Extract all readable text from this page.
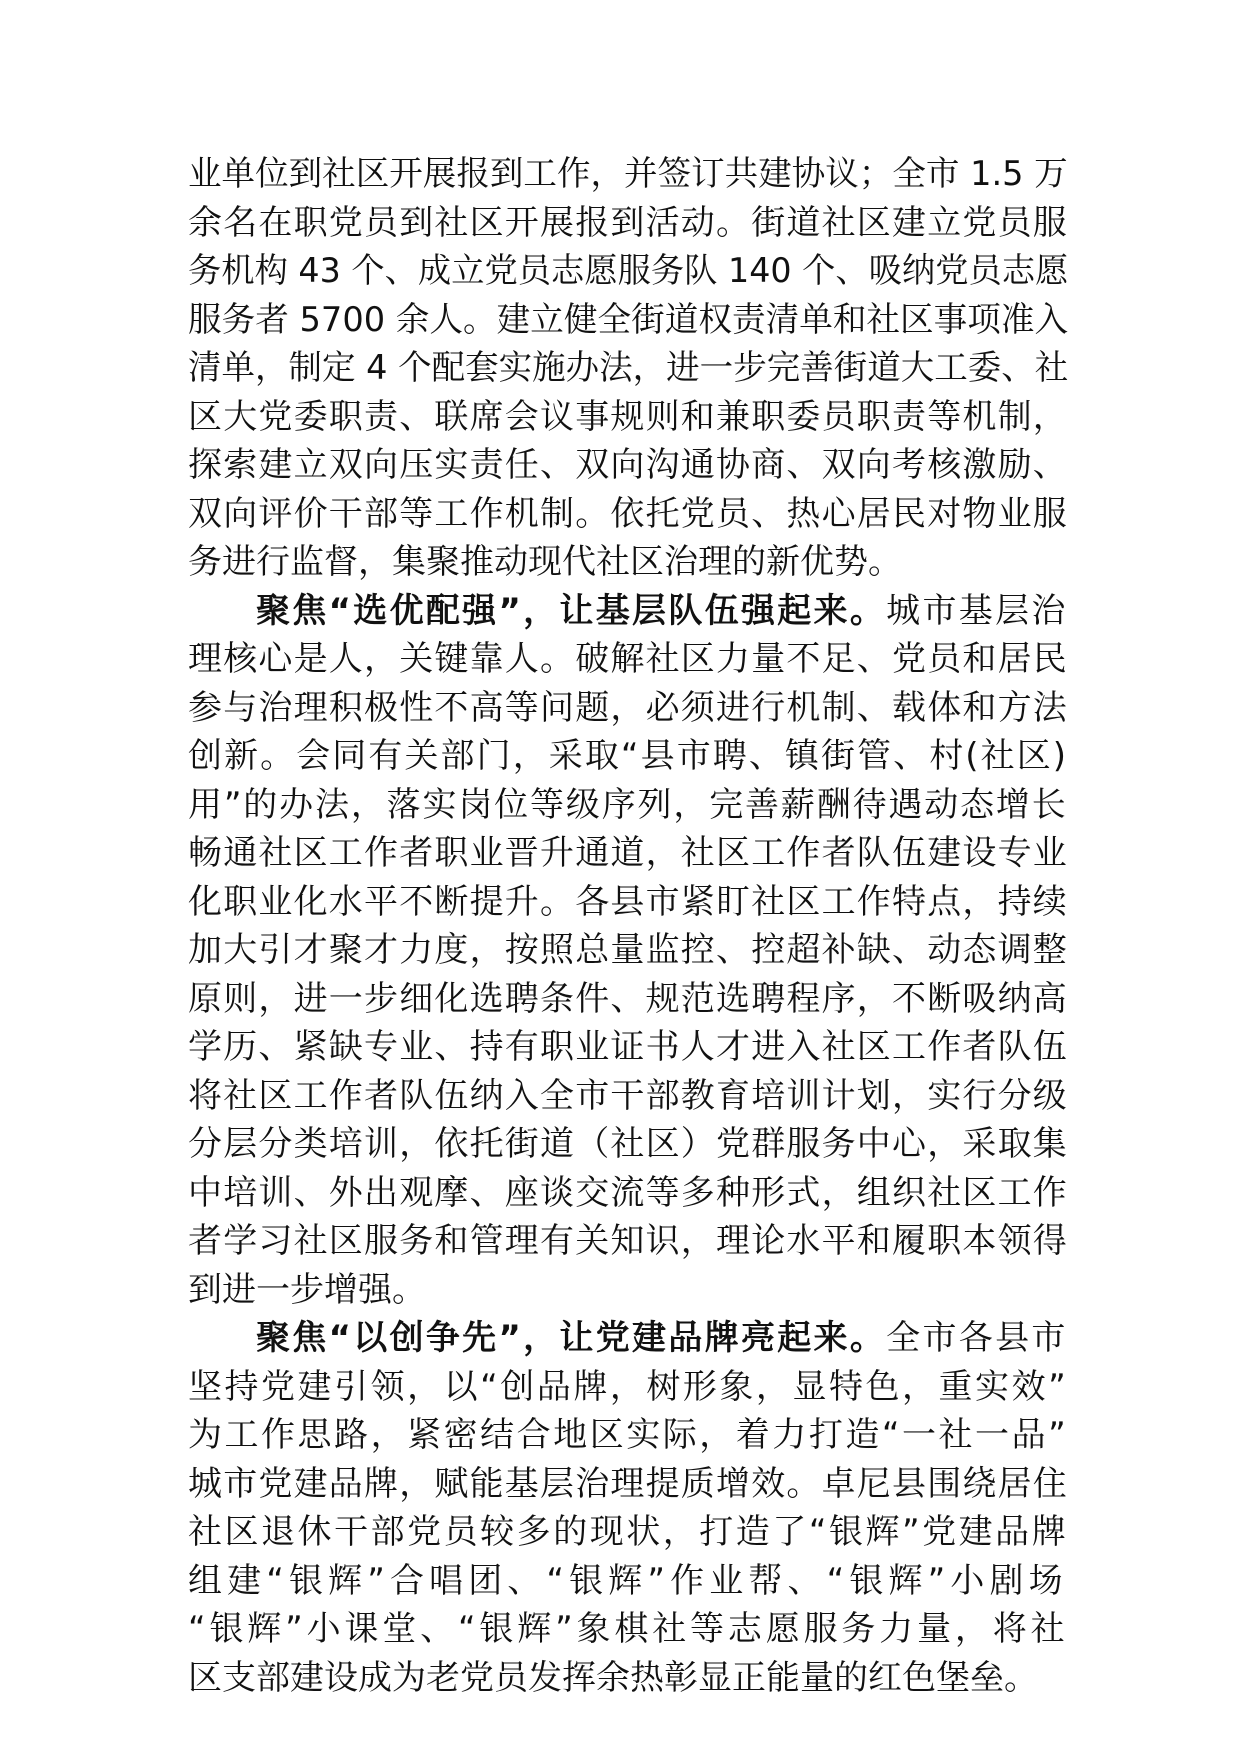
业单位到社区开展报到工作，并签订共建协议；全市 1.5 万
余名在职党员到社区开展报到活动。街道社区建立党员服
务机构 43 个、成立党员志愿服务队 140 个、吸纳党员志愿
服务者 5700 余人。建立健全街道权责清单和社区事项准入
清单，制定 4 个配套实施办法，进一步完善街道大工委、社
区大党委职责、联席会议事规则和兼职委员职责等机制，
探索建立双向压实责任、双向沟通协商、双向考核激励、
双向评价干部等工作机制。依托党员、热心居民对物业服
务进行监督，集聚推动现代社区治理的新优势。
聚焦“选优配强”，让基层队伍强起来。城市基层治
理核心是人，关键靠人。破解社区力量不足、党员和居民
参与治理积极性不高等问题，必须进行机制、载体和方法
创新。会同有关部门，采取“县市聘、镇街管、村(社区)
用”的办法，落实岗位等级序列，完善薪酬待遇动态增长
畅通社区工作者职业晋升通道，社区工作者队伍建设专业
化职业化水平不断提升。各县市紧盯社区工作特点，持续
加大引才聚才力度，按照总量监控、控超补缺、动态调整
原则，进一步细化选聘条件、规范选聘程序，不断吸纳高
学历、紧缺专业、持有职业证书人才进入社区工作者队伍
将社区工作者队伍纳入全市干部教育培训计划，实行分级
分层分类培训，依托街道（社区）党群服务中心，采取集
中培训、外出观摩、座谈交流等多种形式，组织社区工作
者学习社区服务和管理有关知识，理论水平和履职本领得
到进一步增强。
聚焦“以创争先”，让党建品牌亮起来。全市各县市
坚持党建引领，以“创品牌，树形象，显特色，重实效”
为工作思路，紧密结合地区实际，着力打造“一社一品”
城市党建品牌，赋能基层治理提质增效。卓尼县围绕居住
社区退休干部党员较多的现状，打造了“银辉”党建品牌
组建“银辉”合唱团、“银辉”作业帮、“银辉”小剧场
“银辉”小课堂、“银辉”象棋社等志愿服务力量，将社
区支部建设成为老党员发挥余热彰显正能量的红色堡垒。
